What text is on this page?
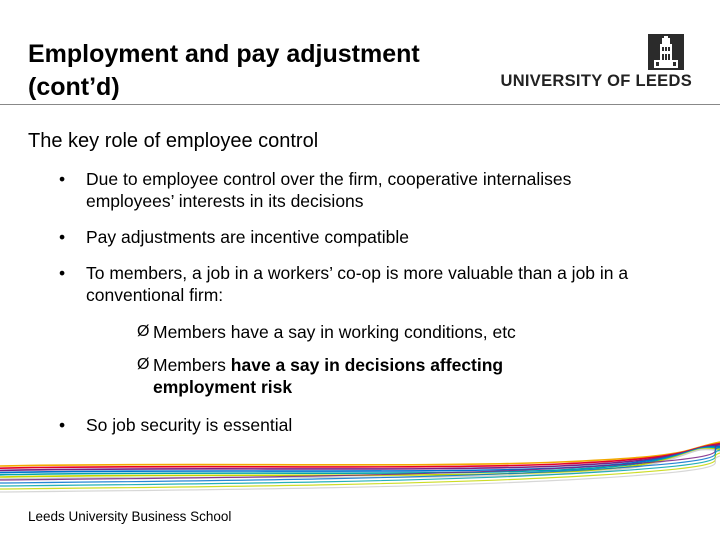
Employment and pay adjustment
(cont’d)	UNIVERSITY OF LEEDS
The key role of employee control
• Due to employee control over the firm, cooperative internalises employees’ interests in its decisions
• Pay adjustments are incentive compatible
• To members, a job in a workers’ co-op is more valuable than a job in a conventional firm:
Ø Members have a say in working conditions, etc
Ø Members have a say in decisions affecting employment risk
• So job security is essential
Leeds University Business School
